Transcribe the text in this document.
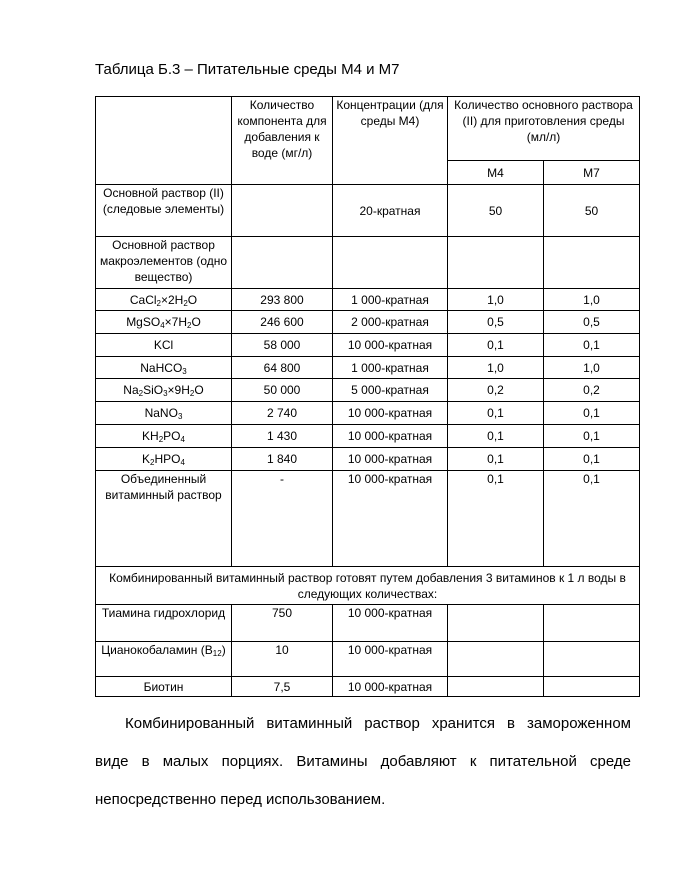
Таблица Б.3 – Питательные среды М4 и М7
	Количество компонента для добавления к воде (мг/л)	Концентрации (для среды М4)	Количество основного раствора (II) для приготовления среды (мл/л)	
			М4	М7
Основной раствор (II) (следовые элементы)		20-кратная	50	50
Основной раствор макроэлементов (одно вещество)				
$CaCl_2\times 2H_2O$	293 800	1 000-кратная	1,0	1,0
$MgSO_4\times 7H_2O$	246 600	2 000-кратная	0,5	0,5
KCl	58 000	10 000-кратная	0,1	0,1
NaHCO$_3$	64 800	1 000-кратная	1,0	1,0
$Na_2SiO_3\times 9H_2O$	50 000	5 000-кратная	0,2	0,2
NaNO$_3$	2 740	10 000-кратная	0,1	0,1
$KH_2PO_4$	1 430	10 000-кратная	0,1	0,1
$K_2HPO_4$	1 840	10 000-кратная	0,1	0,1
Объединенный витаминный раствор	-	10 000-кратная	0,1	0,1
Комбинированный витаминный раствор готовят путем добавления 3 витаминов к 1 л воды в следующих количествах:				
Тиамина гидрохлорид	750	10 000-кратная		
Цианокобаламин $(B_{12})$	10	10 000-кратная		
Биотин	7,5	10 000-кратная		
Комбинированный витаминный раствор хранится в замороженном
виде в малых порциях. Витамины добавляют к питательной среде
непосредственно перед использованием.
